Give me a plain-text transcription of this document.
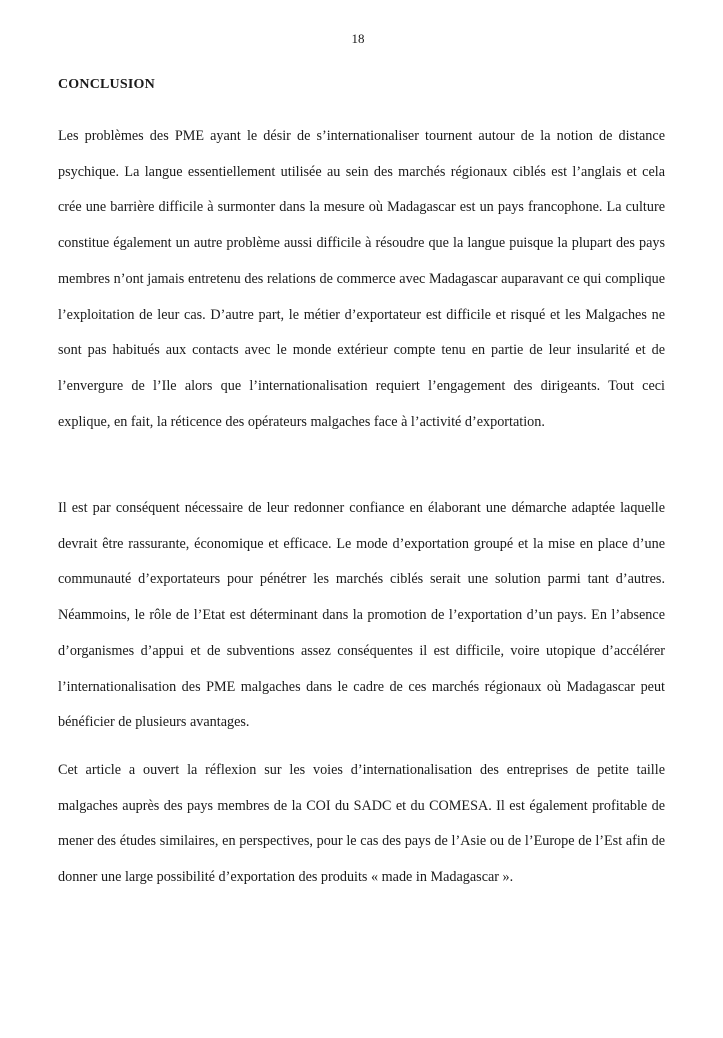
18
CONCLUSION

Les problèmes des PME ayant le désir de s’internationaliser tournent autour de la notion de distance psychique. La langue essentiellement utilisée au sein des marchés régionaux ciblés est l’anglais et cela crée une barrière difficile à surmonter dans la mesure où Madagascar est un pays francophone. La culture constitue également un autre problème aussi difficile à résoudre que la langue puisque la plupart des pays membres n’ont jamais entretenu des relations de commerce avec Madagascar auparavant ce qui complique l’exploitation de leur cas. D’autre part, le métier d’exportateur est difficile et risqué et les Malgaches ne sont pas habitués aux contacts avec le monde extérieur compte tenu en partie de leur insularité et de l’envergure de l’Ile alors que l’internationalisation requiert l’engagement des dirigeants. Tout ceci explique, en fait, la réticence des opérateurs malgaches face à l’activité d’exportation.

Il est par conséquent nécessaire de leur redonner confiance en élaborant une démarche adaptée laquelle devrait être rassurante, économique et efficace. Le mode d’exportation groupé et la mise en place d’une communauté d’exportateurs pour pénétrer les marchés ciblés serait une solution parmi tant d’autres. Néammoins, le rôle de l’Etat est déterminant dans la promotion de l’exportation d’un pays. En l’absence d’organismes d’appui et de subventions assez conséquentes il est difficile, voire utopique d’accélérer l’internationalisation des PME malgaches dans le cadre de ces marchés régionaux où Madagascar peut bénéficier de plusieurs avantages.

Cet article a ouvert la réflexion sur les voies d’internationalisation des entreprises de petite taille malgaches auprès des pays membres de la COI du SADC et du COMESA. Il est également profitable de mener des études similaires, en perspectives, pour le cas des pays de l’Asie ou de l’Europe de l’Est afin de donner une large possibilité d’exportation des produits « made in Madagascar ».
